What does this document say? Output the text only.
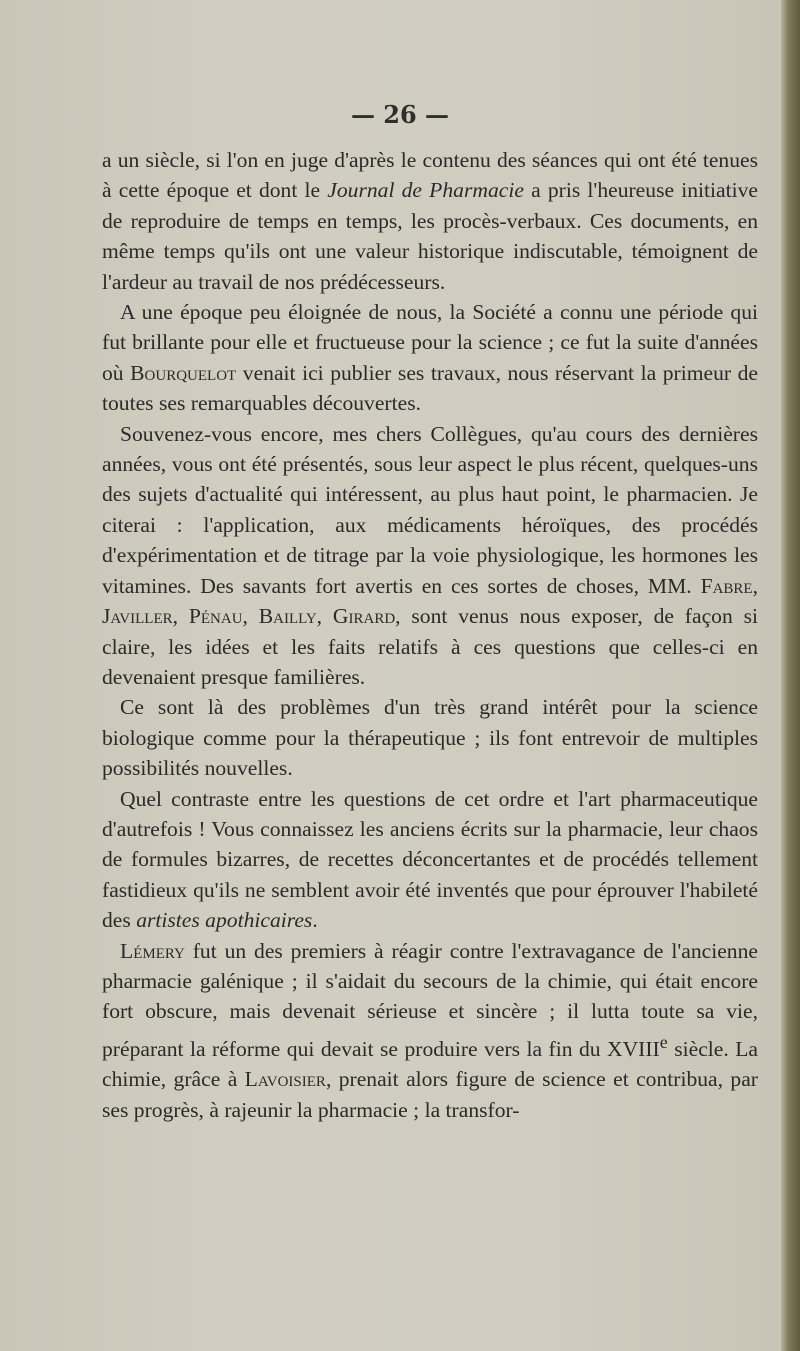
— 26 —

a un siècle, si l'on en juge d'après le contenu des séances qui ont été tenues à cette époque et dont le Journal de Pharmacie a pris l'heureuse initiative de reproduire de temps en temps, les procès-verbaux. Ces documents, en même temps qu'ils ont une valeur historique indiscutable, témoignent de l'ardeur au travail de nos prédécesseurs.

A une époque peu éloignée de nous, la Société a connu une période qui fut brillante pour elle et fructueuse pour la science ; ce fut la suite d'années où Bourquelot venait ici publier ses travaux, nous réservant la primeur de toutes ses remarquables découvertes.

Souvenez-vous encore, mes chers Collègues, qu'au cours des dernières années, vous ont été présentés, sous leur aspect le plus récent, quelques-uns des sujets d'actualité qui intéressent, au plus haut point, le pharmacien. Je citerai : l'application, aux médicaments héroïques, des procédés d'expérimentation et de titrage par la voie physiologique, les hormones les vitamines. Des savants fort avertis en ces sortes de choses, MM. Fabre, Javiller, Pénau, Bailly, Girard, sont venus nous exposer, de façon si claire, les idées et les faits relatifs à ces questions que celles-ci en devenaient presque familières.

Ce sont là des problèmes d'un très grand intérêt pour la science biologique comme pour la thérapeutique ; ils font entrevoir de multiples possibilités nouvelles.

Quel contraste entre les questions de cet ordre et l'art pharmaceutique d'autrefois ! Vous connaissez les anciens écrits sur la pharmacie, leur chaos de formules bizarres, de recettes déconcertantes et de procédés tellement fastidieux qu'ils ne semblent avoir été inventés que pour éprouver l'habileté des artistes apothicaires.

Lémery fut un des premiers à réagir contre l'extravagance de l'ancienne pharmacie galénique ; il s'aidait du secours de la chimie, qui était encore fort obscure, mais devenait sérieuse et sincère ; il lutta toute sa vie, préparant la réforme qui devait se produire vers la fin du XVIIIe siècle. La chimie, grâce à Lavoisier, prenait alors figure de science et contribua, par ses progrès, à rajeunir la pharmacie ; la transfor-
